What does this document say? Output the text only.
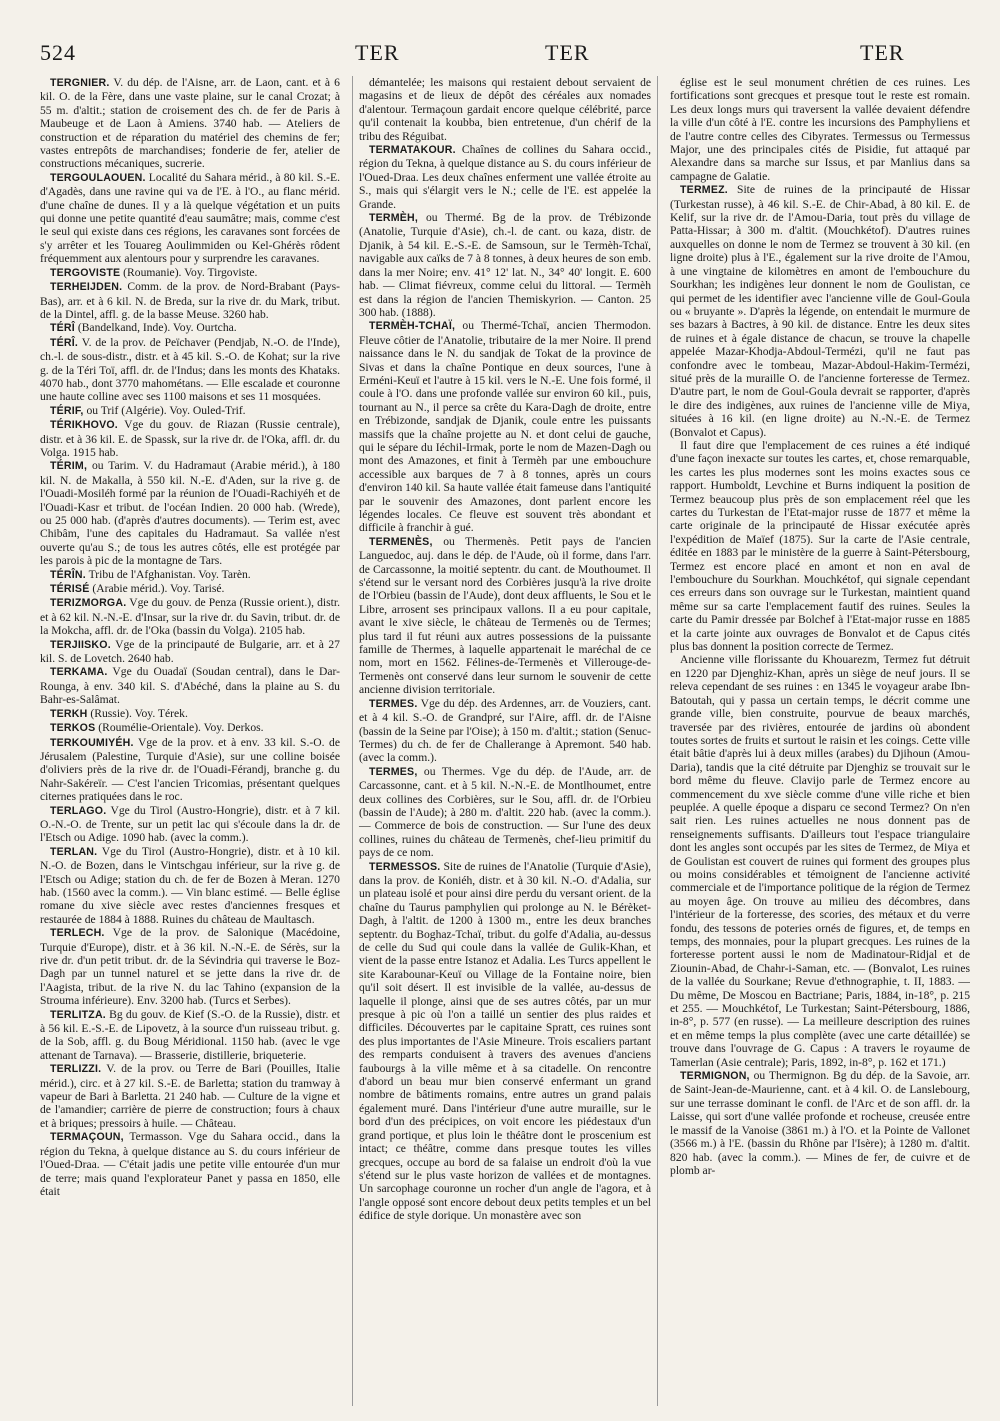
524	TER	TER	TER

TERGNIER. V. du dép. de l'Aisne, arr. de Laon, cant. et à 6 kil. O. de la Fère, dans une vaste plaine, sur le canal Crozat; à 55 m. d'altit.; station de croisement des ch. de fer de Paris à Maubeuge et de Laon à Amiens. 3740 hab. — Ateliers de construction et de réparation du matériel des chemins de fer; vastes entrepôts de marchandises; fonderie de fer, atelier de constructions mécaniques, sucrerie.

TERGOULAOUEN. Localité du Sahara mérid., à 80 kil. S.-E. d'Agadès, dans une ravine qui va de l'E. à l'O., au flanc mérid. d'une chaîne de dunes. Il y a là quelque végétation et un puits qui donne une petite quantité d'eau saumâtre; mais, comme c'est le seul qui existe dans ces régions, les caravanes sont forcées de s'y arrêter et les Touareg Aoulimmiden ou Kel-Ghérès rôdent fréquemment aux alentours pour y surprendre les caravanes.

TERGOVISTE (Roumanie). Voy. Tirgoviste.

TERHEIJDEN. Comm. de la prov. de Nord-Brabant (Pays-Bas), arr. et à 6 kil. N. de Breda, sur la rive dr. du Mark, tribut. de la Dintel, affl. g. de la basse Meuse. 3260 hab.

TÉRÎ (Bandelkand, Inde). Voy. Ourtcha.

TÉRÎ. V. de la prov. de Peïchaver (Pendjab, N.-O. de l'Inde), ch.-l. de sous-distr., distr. et à 45 kil. S.-O. de Kohat; sur la rive g. de la Téri Toï, affl. dr. de l'Indus; dans les monts des Khataks. 4070 hab., dont 3770 mahométans. — Elle escalade et couronne une haute colline avec ses 1100 maisons et ses 11 mosquées.

TÉRIF, ou Trif (Algérie). Voy. Ouled-Trif.

TÉRIKHOVO. Vge du gouv. de Riazan (Russie centrale), distr. et à 36 kil. E. de Spassk, sur la rive dr. de l'Oka, affl. dr. du Volga. 1915 hab.

TÉRIM, ou Tarim. V. du Hadramaut (Arabie mérid.), à 180 kil. N. de Makalla, à 550 kil. N.-E. d'Aden, sur la rive g. de l'Ouadi-Mosiléh formé par la réunion de l'Ouadi-Rachiyéh et de l'Ouadi-Kasr et tribut. de l'océan Indien. 20 000 hab. (Wrede), ou 25 000 hab. (d'après d'autres documents). — Terim est, avec Chibâm, l'une des capitales du Hadramaut. Sa vallée n'est ouverte qu'au S.; de tous les autres côtés, elle est protégée par les parois à pic de la montagne de Tars.

TÉRÎN. Tribu de l'Afghanistan. Voy. Tarèn.

TÉRISÉ (Arabie mérid.). Voy. Tarisé.

TERIZMORGA. Vge du gouv. de Penza (Russie orient.), distr. et à 62 kil. N.-N.-E. d'Insar, sur la rive dr. du Savin, tribut. dr. de la Mokcha, affl. dr. de l'Oka (bassin du Volga). 2105 hab.

TERJIISKO. Vge de la principauté de Bulgarie, arr. et à 27 kil. S. de Lovetch. 2640 hab.

TERKAMA. Vge du Ouadaï (Soudan central), dans le Dar-Rounga, à env. 340 kil. S. d'Abéché, dans la plaine au S. du Bahr-es-Salâmat.

TERKH (Russie). Voy. Térek.

TERKOS (Roumélie-Orientale). Voy. Derkos.

TERKOUMIYÉH. Vge de la prov. et à env. 33 kil. S.-O. de Jérusalem (Palestine, Turquie d'Asie), sur une colline boisée d'oliviers près de la rive dr. de l'Ouadi-Férandj, branche g. du Nahr-Sakéreïr. — C'est l'ancien Tricomias, présentant quelques citernes pratiquées dans le roc.

TERLAGO. Vge du Tirol (Austro-Hongrie), distr. et à 7 kil. O.-N.-O. de Trente, sur un petit lac qui s'écoule dans la dr. de l'Etsch ou Adige. 1090 hab. (avec la comm.).

TERLAN. Vge du Tirol (Austro-Hongrie), distr. et à 10 kil. N.-O. de Bozen, dans le Vintschgau inférieur, sur la rive g. de l'Etsch ou Adige; station du ch. de fer de Bozen à Meran. 1270 hab. (1560 avec la comm.). — Vin blanc estimé. — Belle église romane du xive siècle avec restes d'anciennes fresques et restaurée de 1884 à 1888. Ruines du château de Maultasch.

TERLECH. Vge de la prov. de Salonique (Macédoine, Turquie d'Europe), distr. et à 36 kil. N.-N.-E. de Sérès, sur la rive dr. d'un petit tribut. dr. de la Sévindria qui traverse le Boz-Dagh par un tunnel naturel et se jette dans la rive dr. de l'Aagista, tribut. de la rive N. du lac Tahino (expansion de la Strouma inférieure). Env. 3200 hab. (Turcs et Serbes).

TERLITZA. Bg du gouv. de Kief (S.-O. de la Russie), distr. et à 56 kil. E.-S.-E. de Lipovetz, à la source d'un ruisseau tribut. g. de la Sob, affl. g. du Boug Méridional. 1150 hab. (avec le vge attenant de Tarnava). — Brasserie, distillerie, briqueterie.

TERLIZZI. V. de la prov. ou Terre de Bari (Pouilles, Italie mérid.), circ. et à 27 kil. S.-E. de Barletta; station du tramway à vapeur de Bari à Barletta. 21 240 hab. — Culture de la vigne et de l'amandier; carrière de pierre de construction; fours à chaux et à briques; pressoirs à huile. — Château.

TERMAÇOUN, Termasson. Vge du Sahara occid., dans la région du Tekna, à quelque distance au S. du cours inférieur de l'Oued-Draa. — C'était jadis une petite ville entourée d'un mur de terre; mais quand l'explorateur Panet y passa en 1850, elle était

démantelée; les maisons qui restaient debout servaient de magasins et de lieux de dépôt des céréales aux nomades d'alentour. Termaçoun gardait encore quelque célébrité, parce qu'il contenait la koubba, bien entretenue, d'un chérif de la tribu des Réguibat.

TERMATAKOUR. Chaînes de collines du Sahara occid., région du Tekna, à quelque distance au S. du cours inférieur de l'Oued-Draa. Les deux chaînes enferment une vallée étroite au S., mais qui s'élargit vers le N.; celle de l'E. est appelée la Grande.

TERMÈH, ou Thermé. Bg de la prov. de Trébizonde (Anatolie, Turquie d'Asie), ch.-l. de cant. ou kaza, distr. de Djanik, à 54 kil. E.-S.-E. de Samsoun, sur le Termèh-Tchaï, navigable aux caïks de 7 à 8 tonnes, à deux heures de son emb. dans la mer Noire; env. 41° 12' lat. N., 34° 40' longit. E. 600 hab. — Climat fiévreux, comme celui du littoral. — Termèh est dans la région de l'ancien Themiskyrion. — Canton. 25 300 hab. (1888).

TERMÈH-TCHAÏ, ou Thermé-Tchaï, ancien Thermodon. Fleuve côtier de l'Anatolie, tributaire de la mer Noire. Il prend naissance dans le N. du sandjak de Tokat de la province de Sivas et dans la chaîne Pontique en deux sources, l'une à Erméni-Keuï et l'autre à 15 kil. vers le N.-E. Une fois formé, il coule à l'O. dans une profonde vallée sur environ 60 kil., puis, tournant au N., il perce sa crête du Kara-Dagh de droite, entre en Trébizonde, sandjak de Djanik, coule entre les puissants massifs que la chaîne projette au N. et dont celui de gauche, qui le sépare du Iéchil-Irmak, porte le nom de Mazen-Dagh ou mont des Amazones, et finit à Termèh par une embouchure accessible aux barques de 7 à 8 tonnes, après un cours d'environ 140 kil. Sa haute vallée était fameuse dans l'antiquité par le souvenir des Amazones, dont parlent encore les légendes locales. Ce fleuve est souvent très abondant et difficile à franchir à gué.

TERMENÈS, ou Thermenès. Petit pays de l'ancien Languedoc, auj. dans le dép. de l'Aude, où il forme, dans l'arr. de Carcassonne, la moitié septentr. du cant. de Mouthoumet. Il s'étend sur le versant nord des Corbières jusqu'à la rive droite de l'Orbieu (bassin de l'Aude), dont deux affluents, le Sou et le Libre, arrosent ses principaux vallons. Il a eu pour capitale, avant le xive siècle, le château de Termenès ou de Termes; plus tard il fut réuni aux autres possessions de la puissante famille de Thermes, à laquelle appartenait le maréchal de ce nom, mort en 1562. Félines-de-Termenès et Villerouge-de-Termenès ont conservé dans leur surnom le souvenir de cette ancienne division territoriale.

TERMES. Vge du dép. des Ardennes, arr. de Vouziers, cant. et à 4 kil. S.-O. de Grandpré, sur l'Aire, affl. dr. de l'Aisne (bassin de la Seine par l'Oise); à 150 m. d'altit.; station (Senuc-Termes) du ch. de fer de Challerange à Apremont. 540 hab. (avec la comm.).

TERMES, ou Thermes. Vge du dép. de l'Aude, arr. de Carcassonne, cant. et à 5 kil. N.-N.-E. de Montlhoumet, entre deux collines des Corbières, sur le Sou, affl. dr. de l'Orbieu (bassin de l'Aude); à 280 m. d'altit. 220 hab. (avec la comm.). — Commerce de bois de construction. — Sur l'une des deux collines, ruines du château de Termenès, chef-lieu primitif du pays de ce nom.

TERMESSOS. Site de ruines de l'Anatolie (Turquie d'Asie), dans la prov. de Koniéh, distr. et à 30 kil. N.-O. d'Adalia, sur un plateau isolé et pour ainsi dire perdu du versant orient. de la chaîne du Taurus pamphylien qui prolonge au N. le Bérèket-Dagh, à l'altit. de 1200 à 1300 m., entre les deux branches septentr. du Boghaz-Tchaï, tribut. du golfe d'Adalia, au-dessus de celle du Sud qui coule dans la vallée de Gulik-Khan, et vient de la passe entre Istanoz et Adalia. Les Turcs appellent le site Karabounar-Keuï ou Village de la Fontaine noire, bien qu'il soit désert. Il est invisible de la vallée, au-dessus de laquelle il plonge, ainsi que de ses autres côtés, par un mur presque à pic où l'on a taillé un sentier des plus raides et difficiles. Découvertes par le capitaine Spratt, ces ruines sont des plus importantes de l'Asie Mineure. Trois escaliers partant des remparts conduisent à travers des avenues d'anciens faubourgs à la ville même et à sa citadelle. On rencontre d'abord un beau mur bien conservé enfermant un grand nombre de bâtiments romains, entre autres un grand palais également muré. Dans l'intérieur d'une autre muraille, sur le bord d'un des précipices, on voit encore les piédestaux d'un grand portique, et plus loin le théâtre dont le proscenium est intact; ce théâtre, comme dans presque toutes les villes grecques, occupe au bord de sa falaise un endroit d'où la vue s'étend sur le plus vaste horizon de vallées et de montagnes. Un sarcophage couronne un rocher d'un angle de l'agora, et à l'angle opposé sont encore debout deux petits temples et un bel édifice de style dorique. Un monastère avec son

église est le seul monument chrétien de ces ruines. Les fortifications sont grecques et presque tout le reste est romain. Les deux longs murs qui traversent la vallée devaient défendre la ville d'un côté à l'E. contre les incursions des Pamphyliens et de l'autre contre celles des Cibyrates. Termessus ou Termessus Major, une des principales cités de Pisidie, fut attaqué par Alexandre dans sa marche sur Issus, et par Manlius dans sa campagne de Galatie.

TERMEZ. Site de ruines de la principauté de Hissar (Turkestan russe), à 46 kil. S.-E. de Chir-Abad, à 80 kil. E. de Kelif, sur la rive dr. de l'Amou-Daria, tout près du village de Patta-Hissar; à 300 m. d'altit. (Mouchkétof). D'autres ruines auxquelles on donne le nom de Termez se trouvent à 30 kil. (en ligne droite) plus à l'E., également sur la rive droite de l'Amou, à une vingtaine de kilomètres en amont de l'embouchure du Sourkhan; les indigènes leur donnent le nom de Goulistan, ce qui permet de les identifier avec l'ancienne ville de Goul-Goula ou « bruyante ». D'après la légende, on entendait le murmure de ses bazars à Bactres, à 90 kil. de distance. Entre les deux sites de ruines et à égale distance de chacun, se trouve la chapelle appelée Mazar-Khodja-Abdoul-Termézi, qu'il ne faut pas confondre avec le tombeau, Mazar-Abdoul-Hakim-Termézi, situé près de la muraille O. de l'ancienne forteresse de Termez. D'autre part, le nom de Goul-Goula devrait se rapporter, d'après le dire des indigènes, aux ruines de l'ancienne ville de Miya, situées à 16 kil. (en ligne droite) au N.-N.-E. de Termez (Bonvalot et Capus).

Il faut dire que l'emplacement de ces ruines a été indiqué d'une façon inexacte sur toutes les cartes, et, chose remarquable, les cartes les plus modernes sont les moins exactes sous ce rapport. Humboldt, Levchine et Burns indiquent la position de Termez beaucoup plus près de son emplacement réel que les cartes du Turkestan de l'Etat-major russe de 1877 et même la carte originale de la principauté de Hissar exécutée après l'expédition de Maïef (1875). Sur la carte de l'Asie centrale, éditée en 1883 par le ministère de la guerre à Saint-Pétersbourg, Termez est encore placé en amont et non en aval de l'embouchure du Sourkhan. Mouchkétof, qui signale cependant ces erreurs dans son ouvrage sur le Turkestan, maintient quand même sur sa carte l'emplacement fautif des ruines. Seules la carte du Pamir dressée par Bolchef à l'Etat-major russe en 1885 et la carte jointe aux ouvrages de Bonvalot et de Capus cités plus bas donnent la position correcte de Termez.

Ancienne ville florissante du Khouarezm, Termez fut détruit en 1220 par Djenghiz-Khan, après un siège de neuf jours. Il se releva cependant de ses ruines : en 1345 le voyageur arabe Ibn-Batoutah, qui y passa un certain temps, le décrit comme une grande ville, bien construite, pourvue de beaux marchés, traversée par des rivières, entourée de jardins où abondent toutes sortes de fruits et surtout le raisin et les coings. Cette ville était bâtie d'après lui à deux milles (arabes) du Djihoun (Amou-Daria), tandis que la cité détruite par Djenghiz se trouvait sur le bord même du fleuve. Clavijo parle de Termez encore au commencement du xve siècle comme d'une ville riche et bien peuplée. A quelle époque a disparu ce second Termez? On n'en sait rien. Les ruines actuelles ne nous donnent pas de renseignements suffisants. D'ailleurs tout l'espace triangulaire dont les angles sont occupés par les sites de Termez, de Miya et de Goulistan est couvert de ruines qui forment des groupes plus ou moins considérables et témoignent de l'ancienne activité commerciale et de l'importance politique de la région de Termez au moyen âge. On trouve au milieu des décombres, dans l'intérieur de la forteresse, des scories, des métaux et du verre fondu, des tessons de poteries ornés de figures, et, de temps en temps, des monnaies, pour la plupart grecques. Les ruines de la forteresse portent aussi le nom de Madinatour-Ridjal et de Ziounin-Abad, de Chahr-i-Saman, etc. — (Bonvalot, Les ruines de la vallée du Sourkane; Revue d'ethnographie, t. II, 1883. — Du même, De Moscou en Bactriane; Paris, 1884, in-18°, p. 215 et 255. — Mouchkétof, Le Turkestan; Saint-Pétersbourg, 1886, in-8°, p. 577 (en russe). — La meilleure description des ruines et en même temps la plus complète (avec une carte détaillée) se trouve dans l'ouvrage de G. Capus : A travers le royaume de Tamerlan (Asie centrale); Paris, 1892, in-8°, p. 162 et 171.)

TERMIGNON, ou Thermignon. Bg du dép. de la Savoie, arr. de Saint-Jean-de-Maurienne, cant. et à 4 kil. O. de Lanslebourg, sur une terrasse dominant le confl. de l'Arc et de son affl. dr. la Laisse, qui sort d'une vallée profonde et rocheuse, creusée entre le massif de la Vanoise (3861 m.) à l'O. et la Pointe de Vallonet (3566 m.) à l'E. (bassin du Rhône par l'Isère); à 1280 m. d'altit. 820 hab. (avec la comm.). — Mines de fer, de cuivre et de plomb ar-
